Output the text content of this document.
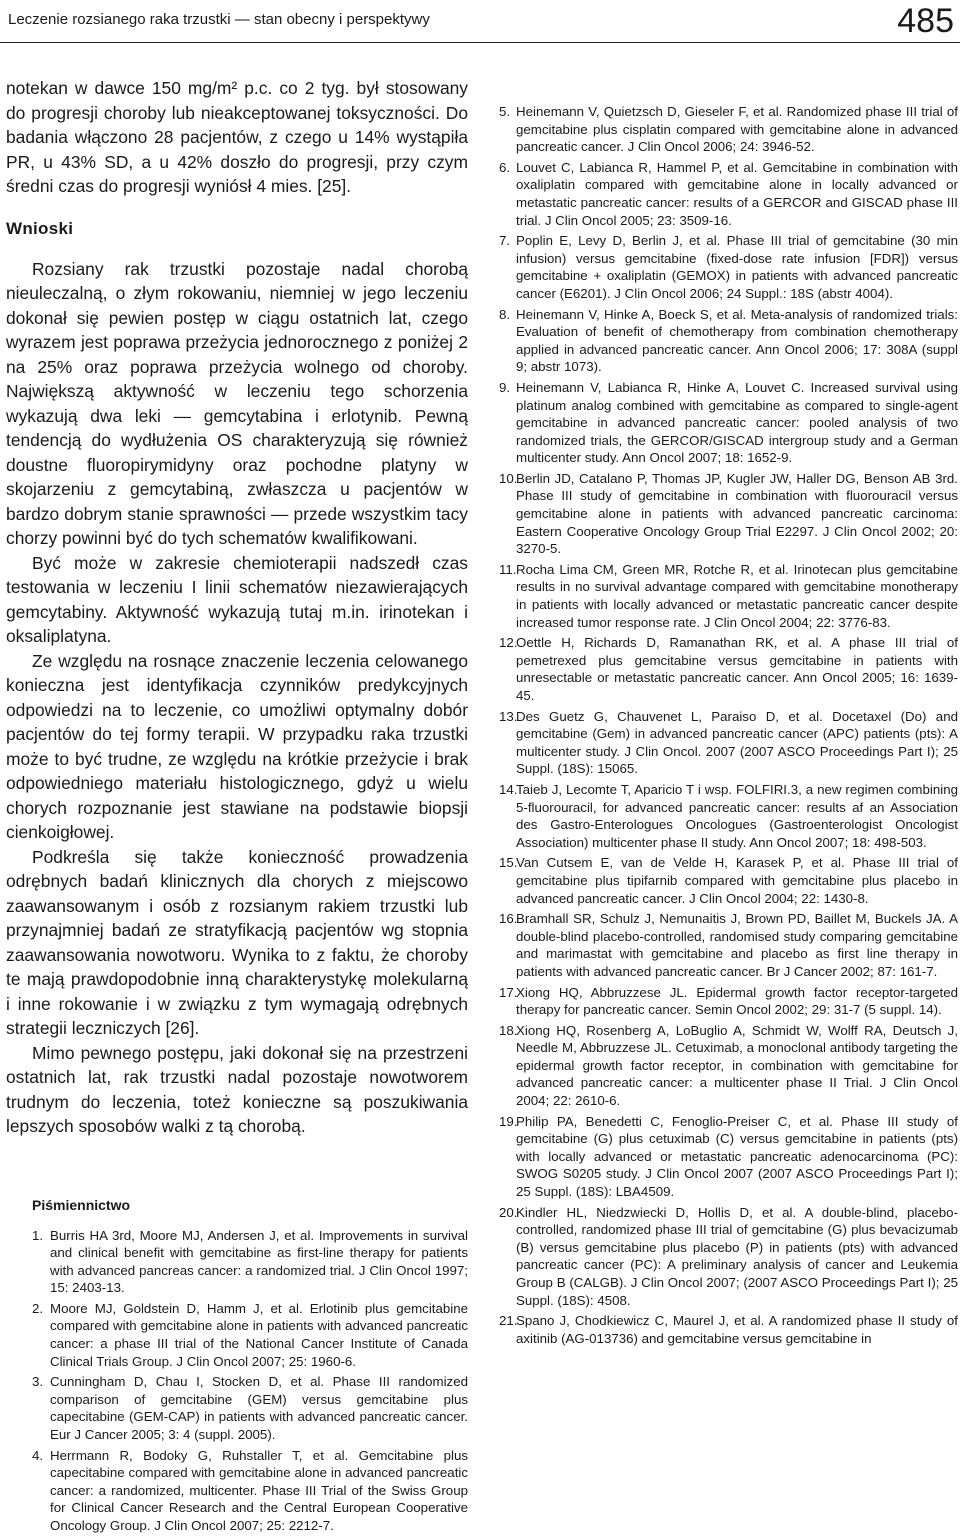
Leczenie rozsianego raka trzustki — stan obecny i perspektywy	485

notekan w dawce 150 mg/m² p.c. co 2 tyg. był stosowany do progresji choroby lub nieakceptowanej toksyczności. Do badania włączono 28 pacjentów, z czego u 14% wystąpiła PR, u 43% SD, a u 42% doszło do progresji, przy czym średni czas do progresji wyniósł 4 mies. [25].

Wnioski

Rozsiany rak trzustki pozostaje nadal chorobą nieuleczalną, o złym rokowaniu, niemniej w jego leczeniu dokonał się pewien postęp w ciągu ostatnich lat, czego wyrazem jest poprawa przeżycia jednorocznego z poniżej 2 na 25% oraz poprawa przeżycia wolnego od choroby. Największą aktywność w leczeniu tego schorzenia wykazują dwa leki — gemcytabina i erlotynib. Pewną tendencją do wydłużenia OS charakteryzują się również doustne fluoropirymidyny oraz pochodne platyny w skojarzeniu z gemcytabiną, zwłaszcza u pacjentów w bardzo dobrym stanie sprawności — przede wszystkim tacy chorzy powinni być do tych schematów kwalifikowani.

Być może w zakresie chemioterapii nadszedł czas testowania w leczeniu I linii schematów niezawierających gemcytabiny. Aktywność wykazują tutaj m.in. irinotekan i oksaliplatyna.

Ze względu na rosnące znaczenie leczenia celowanego konieczna jest identyfikacja czynników predykcyjnych odpowiedzi na to leczenie, co umożliwi optymalny dobór pacjentów do tej formy terapii. W przypadku raka trzustki może to być trudne, ze względu na krótkie przeżycie i brak odpowiedniego materiału histologicznego, gdyż u wielu chorych rozpoznanie jest stawiane na podstawie biopsji cienkoigłowej.

Podkreśla się także konieczność prowadzenia odrębnych badań klinicznych dla chorych z miejscowo zaawansowanym i osób z rozsianym rakiem trzustki lub przynajmniej badań ze stratyfikacją pacjentów wg stopnia zaawansowania nowotworu. Wynika to z faktu, że choroby te mają prawdopodobnie inną charakterystykę molekularną i inne rokowanie i w związku z tym wymagają odrębnych strategii leczniczych [26].

Mimo pewnego postępu, jaki dokonał się na przestrzeni ostatnich lat, rak trzustki nadal pozostaje nowotworem trudnym do leczenia, toteż konieczne są poszukiwania lepszych sposobów walki z tą chorobą.

Piśmiennictwo
1. Burris HA 3rd, Moore MJ, Andersen J, et al. Improvements in survival and clinical benefit with gemcitabine as first-line therapy for patients with advanced pancreas cancer: a randomized trial. J Clin Oncol 1997; 15: 2403-13.
2. Moore MJ, Goldstein D, Hamm J, et al. Erlotinib plus gemcitabine compared with gemcitabine alone in patients with advanced pancreatic cancer: a phase III trial of the National Cancer Institute of Canada Clinical Trials Group. J Clin Oncol 2007; 25: 1960-6.
3. Cunningham D, Chau I, Stocken D, et al. Phase III randomized comparison of gemcitabine (GEM) versus gemcitabine plus capecitabine (GEM-CAP) in patients with advanced pancreatic cancer. Eur J Cancer 2005; 3: 4 (suppl. 2005).
4. Herrmann R, Bodoky G, Ruhstaller T, et al. Gemcitabine plus capecitabine compared with gemcitabine alone in advanced pancreatic cancer: a randomized, multicenter. Phase III Trial of the Swiss Group for Clinical Cancer Research and the Central European Cooperative Oncology Group. J Clin Oncol 2007; 25: 2212-7.
5. Heinemann V, Quietzsch D, Gieseler F, et al. Randomized phase III trial of gemcitabine plus cisplatin compared with gemcitabine alone in advanced pancreatic cancer. J Clin Oncol 2006; 24: 3946-52.
6. Louvet C, Labianca R, Hammel P, et al. Gemcitabine in combination with oxaliplatin compared with gemcitabine alone in locally advanced or metastatic pancreatic cancer: results of a GERCOR and GISCAD phase III trial. J Clin Oncol 2005; 23: 3509-16.
7. Poplin E, Levy D, Berlin J, et al. Phase III trial of gemcitabine (30 min infusion) versus gemcitabine (fixed-dose rate infusion [FDR]) versus gemcitabine + oxaliplatin (GEMOX) in patients with advanced pancreatic cancer (E6201). J Clin Oncol 2006; 24 Suppl.: 18S (abstr 4004).
8. Heinemann V, Hinke A, Boeck S, et al. Meta-analysis of randomized trials: Evaluation of benefit of chemotherapy from combination chemotherapy applied in advanced pancreatic cancer. Ann Oncol 2006; 17: 308A (suppl 9; abstr 1073).
9. Heinemann V, Labianca R, Hinke A, Louvet C. Increased survival using platinum analog combined with gemcitabine as compared to single-agent gemcitabine in advanced pancreatic cancer: pooled analysis of two randomized trials, the GERCOR/GISCAD intergroup study and a German multicenter study. Ann Oncol 2007; 18: 1652-9.
10.
Berlin JD, Catalano P, Thomas JP, Kugler JW, Haller DG, Benson AB 3rd. Phase III study of gemcitabine in combination with fluorouracil versus gemcitabine alone in patients with advanced pancreatic carcinoma: Eastern Cooperative Oncology Group Trial E2297. J Clin Oncol 2002; 20: 3270-5.
11. Rocha Lima CM, Green MR, Rotche R, et al. Irinotecan plus gemcitabine results in no survival advantage compared with gemcitabine monotherapy in patients with locally advanced or metastatic pancreatic cancer despite increased tumor response rate. J Clin Oncol 2004; 22: 3776-83.
12.
Oettle H, Richards D, Ramanathan RK, et al. A phase III trial of pemetrexed plus gemcitabine versus gemcitabine in patients with unresectable or metastatic pancreatic cancer. Ann Oncol 2005; 16: 1639-45.
13.
Des Guetz G, Chauvenet L, Paraiso D, et al. Docetaxel (Do) and gemcitabine (Gem) in advanced pancreatic cancer (APC) patients (pts): A multicenter study. J Clin Oncol. 2007 (2007 ASCO Proceedings Part I); 25 Suppl. (18S): 15065.
14.
Taieb J, Lecomte T, Aparicio T i wsp. FOLFIRI.3, a new regimen combining 5-fluorouracil, for advanced pancreatic cancer: results af an Association des Gastro-Enterologues Oncologues (Gastroenterologist Oncologist Association) multicenter phase II study. Ann Oncol 2007; 18: 498-503.
15.
Van Cutsem E, van de Velde H, Karasek P, et al. Phase III trial of gemcitabine plus tipifarnib compared with gemcitabine plus placebo in advanced pancreatic cancer. J Clin Oncol 2004; 22: 1430-8.
16.
Bramhall SR, Schulz J, Nemunaitis J, Brown PD, Baillet M, Buckels JA. A double-blind placebo-controlled, randomised study comparing gemcitabine and marimastat with gemcitabine and placebo as first line therapy in patients with advanced pancreatic cancer. Br J Cancer 2002; 87: 161-7.
17.
Xiong HQ, Abbruzzese JL. Epidermal growth factor receptor-targeted therapy for pancreatic cancer. Semin Oncol 2002; 29: 31-7 (5 suppl. 14).
18.
Xiong HQ, Rosenberg A, LoBuglio A, Schmidt W, Wolff RA, Deutsch J, Needle M, Abbruzzese JL. Cetuximab, a monoclonal antibody targeting the epidermal growth factor receptor, in combination with gemcitabine for advanced pancreatic cancer: a multicenter phase II Trial. J Clin Oncol 2004; 22: 2610-6.
19.
Philip PA, Benedetti C, Fenoglio-Preiser C, et al. Phase III study of gemcitabine (G) plus cetuximab (C) versus gemcitabine in patients (pts) with locally advanced or metastatic pancreatic adenocarcinoma (PC): SWOG S0205 study. J Clin Oncol 2007 (2007 ASCO Proceedings Part I); 25 Suppl. (18S): LBA4509.
20.
Kindler HL, Niedzwiecki D, Hollis D, et al. A double-blind, placebo-controlled, randomized phase III trial of gemcitabine (G) plus bevacizumab (B) versus gemcitabine plus placebo (P) in patients (pts) with advanced pancreatic cancer (PC): A preliminary analysis of cancer and Leukemia Group B (CALGB). J Clin Oncol 2007; (2007 ASCO Proceedings Part I); 25 Suppl. (18S): 4508.
21.
Spano J, Chodkiewicz C, Maurel J, et al. A randomized phase II study of axitinib (AG-013736) and gemcitabine versus gemcitabine in
